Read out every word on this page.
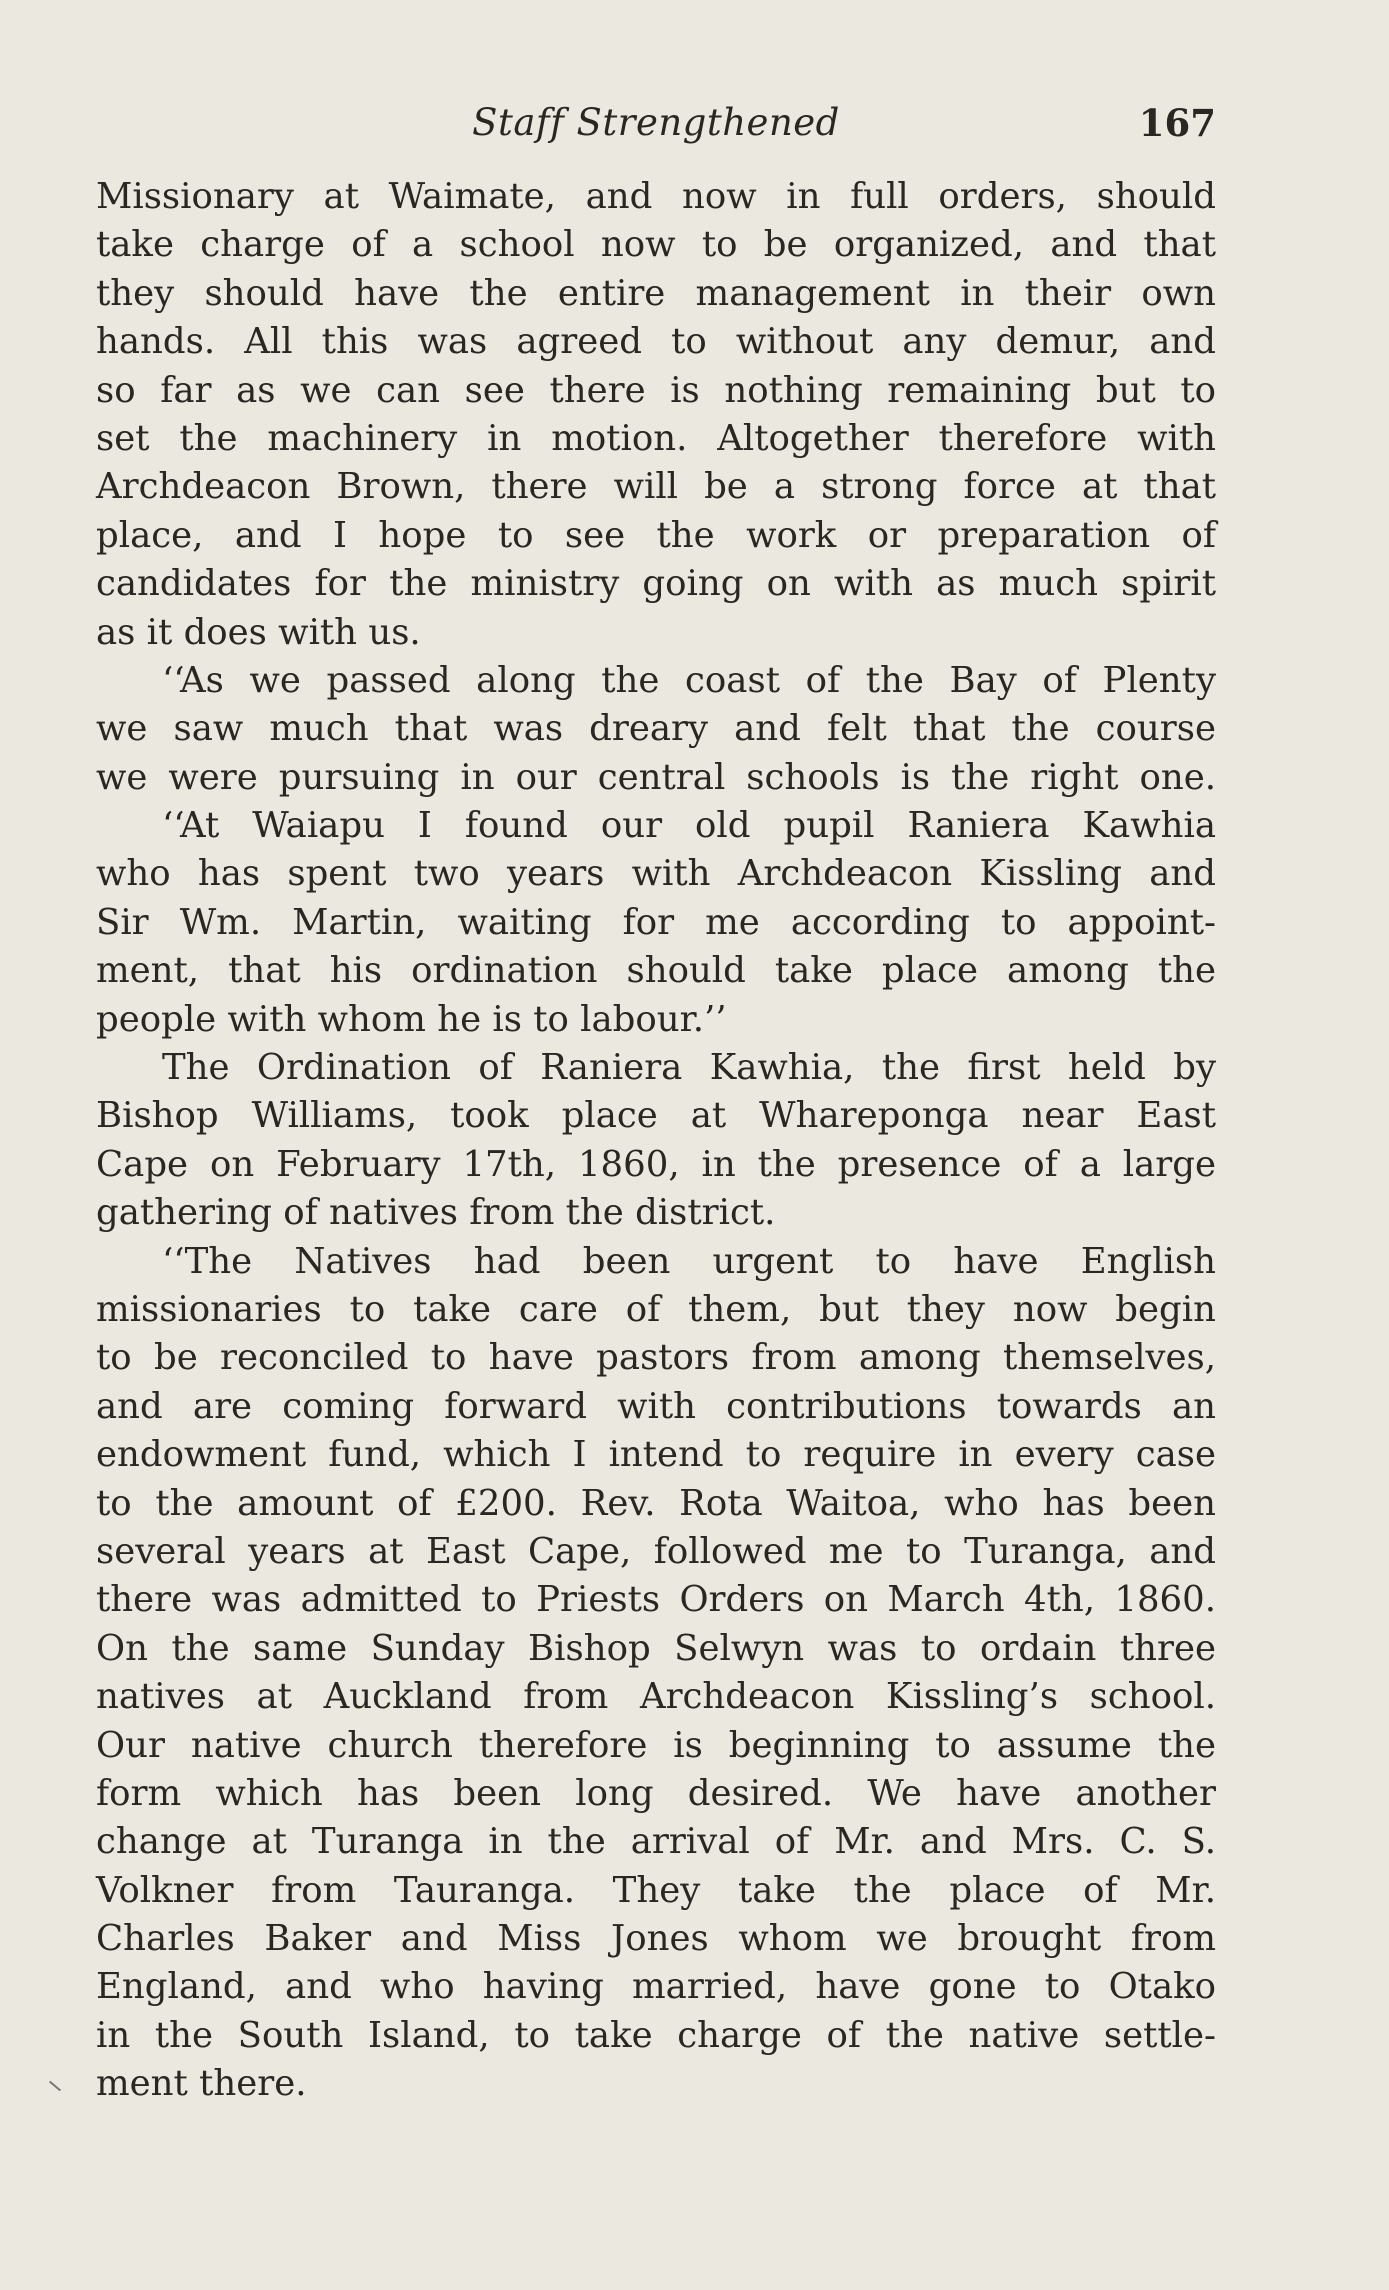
Staff Strengthened	167
Missionary at Waimate, and now in full orders, should
take charge of a school now to be organized, and that
they should have the entire management in their own
hands. All this was agreed to without any demur, and
so far as we can see there is nothing remaining but to
set the machinery in motion. Altogether therefore with
Archdeacon Brown, there will be a strong force at that
place, and I hope to see the work or preparation of
candidates for the ministry going on with as much spirit
as it does with us.
‘‘As we passed along the coast of the Bay of Plenty
we saw much that was dreary and felt that the course
we were pursuing in our central schools is the right one.
‘‘At Waiapu I found our old pupil Raniera Kawhia
who has spent two years with Archdeacon Kissling and
Sir Wm. Martin, waiting for me according to appoint-
ment, that his ordination should take place among the
people with whom he is to labour.’’
The Ordination of Raniera Kawhia, the first held by
Bishop Williams, took place at Whareponga near East
Cape on February 17th, 1860, in the presence of a large
gathering of natives from the district.
‘‘The Natives had been urgent to have English
missionaries to take care of them, but they now begin
to be reconciled to have pastors from among themselves,
and are coming forward with contributions towards an
endowment fund, which I intend to require in every case
to the amount of £200. Rev. Rota Waitoa, who has been
several years at East Cape, followed me to Turanga, and
there was admitted to Priests Orders on March 4th, 1860.
On the same Sunday Bishop Selwyn was to ordain three
natives at Auckland from Archdeacon Kissling’s school.
Our native church therefore is beginning to assume the
form which has been long desired. We have another
change at Turanga in the arrival of Mr. and Mrs. C. S.
Volkner from Tauranga. They take the place of Mr.
Charles Baker and Miss Jones whom we brought from
England, and who having married, have gone to Otako
in the South Island, to take charge of the native settle-
ment there.
